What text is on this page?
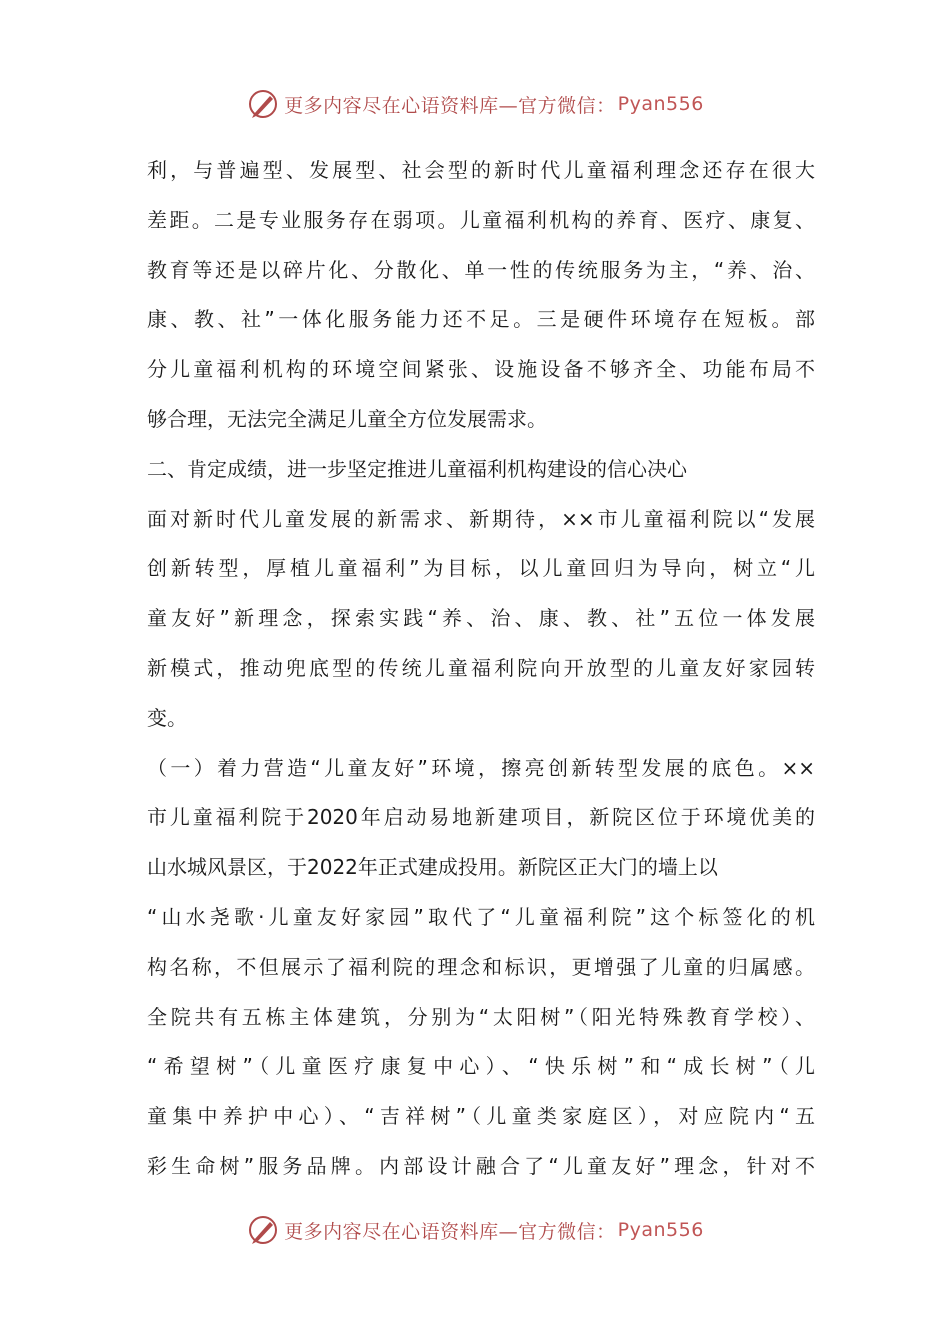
更多内容尽在心语资料库—官方微信： Pyan556
利，与普遍型、发展型、社会型的新时代儿童福利理念还存在很大
差距。二是专业服务存在弱项。儿童福利机构的养育、医疗、康复、
教育等还是以碎片化、分散化、单一性的传统服务为主，“养、治、
康、教、社”一体化服务能力还不足。三是硬件环境存在短板。部
分儿童福利机构的环境空间紧张、设施设备不够齐全、功能布局不
够合理，无法完全满足儿童全方位发展需求。
二、肯定成绩，进一步坚定推进儿童福利机构建设的信心决心
面对新时代儿童发展的新需求、新期待，××市儿童福利院以“发展
创新转型，厚植儿童福利”为目标，以儿童回归为导向，树立“儿
童友好”新理念，探索实践“养、治、康、教、社”五位一体发展
新模式，推动兜底型的传统儿童福利院向开放型的儿童友好家园转
变。
（一）着力营造“儿童友好”环境，擦亮创新转型发展的底色。××
市儿童福利院于2020年启动易地新建项目，新院区位于环境优美的
山水城风景区，于2022年正式建成投用。新院区正大门的墙上以
“山水尧歌·儿童友好家园”取代了“儿童福利院”这个标签化的机
构名称，不但展示了福利院的理念和标识，更增强了儿童的归属感。
全院共有五栋主体建筑，分别为“太阳树”（阳光特殊教育学校）、
“希望树”（儿童医疗康复中心）、“快乐树”和“成长树”（儿
童集中养护中心）、“吉祥树”（儿童类家庭区），对应院内“五
彩生命树”服务品牌。内部设计融合了“儿童友好”理念，针对不
更多内容尽在心语资料库—官方微信： Pyan556
